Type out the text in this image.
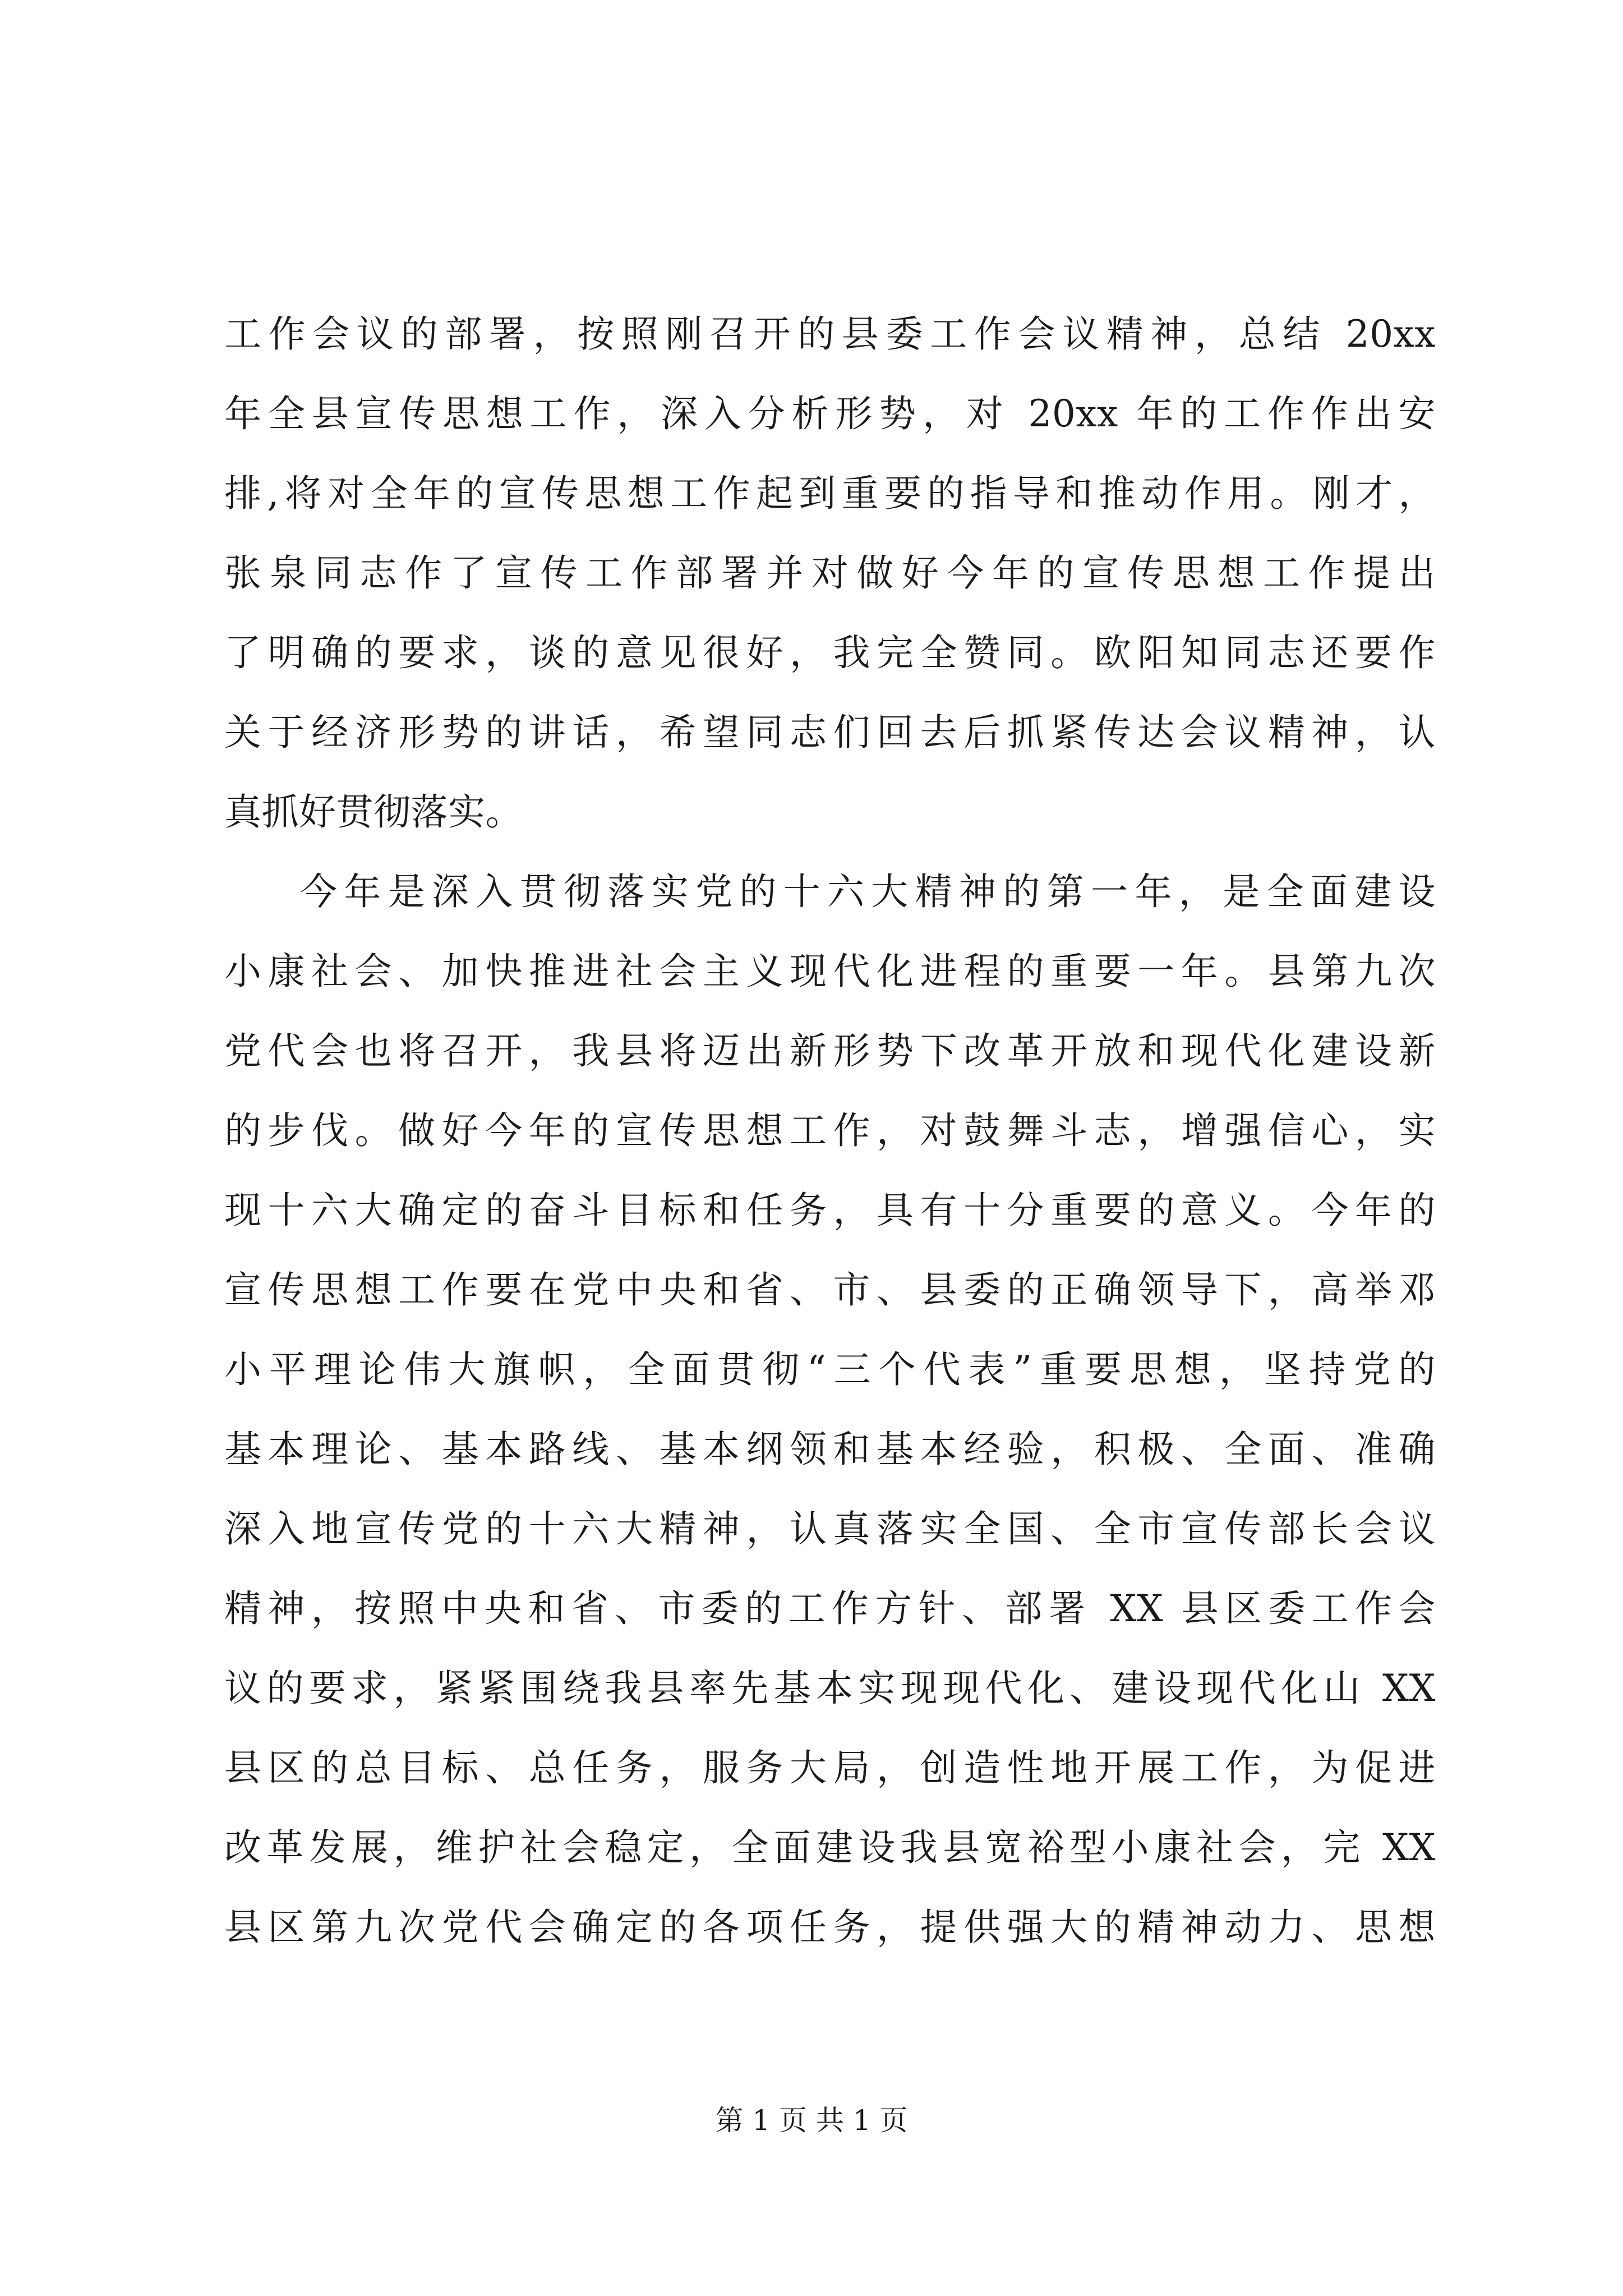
工作会议的部署，按照刚召开的县委工作会议精神，总结 20xx
年全县宣传思想工作，深入分析形势，对 20xx 年的工作作出安
排,将对全年的宣传思想工作起到重要的指导和推动作用。刚才，
张泉同志作了宣传工作部署并对做好今年的宣传思想工作提出
了明确的要求，谈的意见很好，我完全赞同。欧阳知同志还要作
关于经济形势的讲话，希望同志们回去后抓紧传达会议精神，认
真抓好贯彻落实。
今年是深入贯彻落实党的十六大精神的第一年，是全面建设
小康社会、加快推进社会主义现代化进程的重要一年。县第九次
党代会也将召开，我县将迈出新形势下改革开放和现代化建设新
的步伐。做好今年的宣传思想工作，对鼓舞斗志，增强信心，实
现十六大确定的奋斗目标和任务，具有十分重要的意义。今年的
宣传思想工作要在党中央和省、市、县委的正确领导下，高举邓
小平理论伟大旗帜，全面贯彻“三个代表”重要思想，坚持党的
基本理论、基本路线、基本纲领和基本经验，积极、全面、准确
深入地宣传党的十六大精神，认真落实全国、全市宣传部长会议
精神，按照中央和省、市委的工作方针、部署 XX 县区委工作会
议的要求，紧紧围绕我县率先基本实现现代化、建设现代化山 XX
县区的总目标、总任务，服务大局，创造性地开展工作，为促进
改革发展，维护社会稳定，全面建设我县宽裕型小康社会，完 XX
县区第九次党代会确定的各项任务，提供强大的精神动力、思想
第 1 页 共 1 页
